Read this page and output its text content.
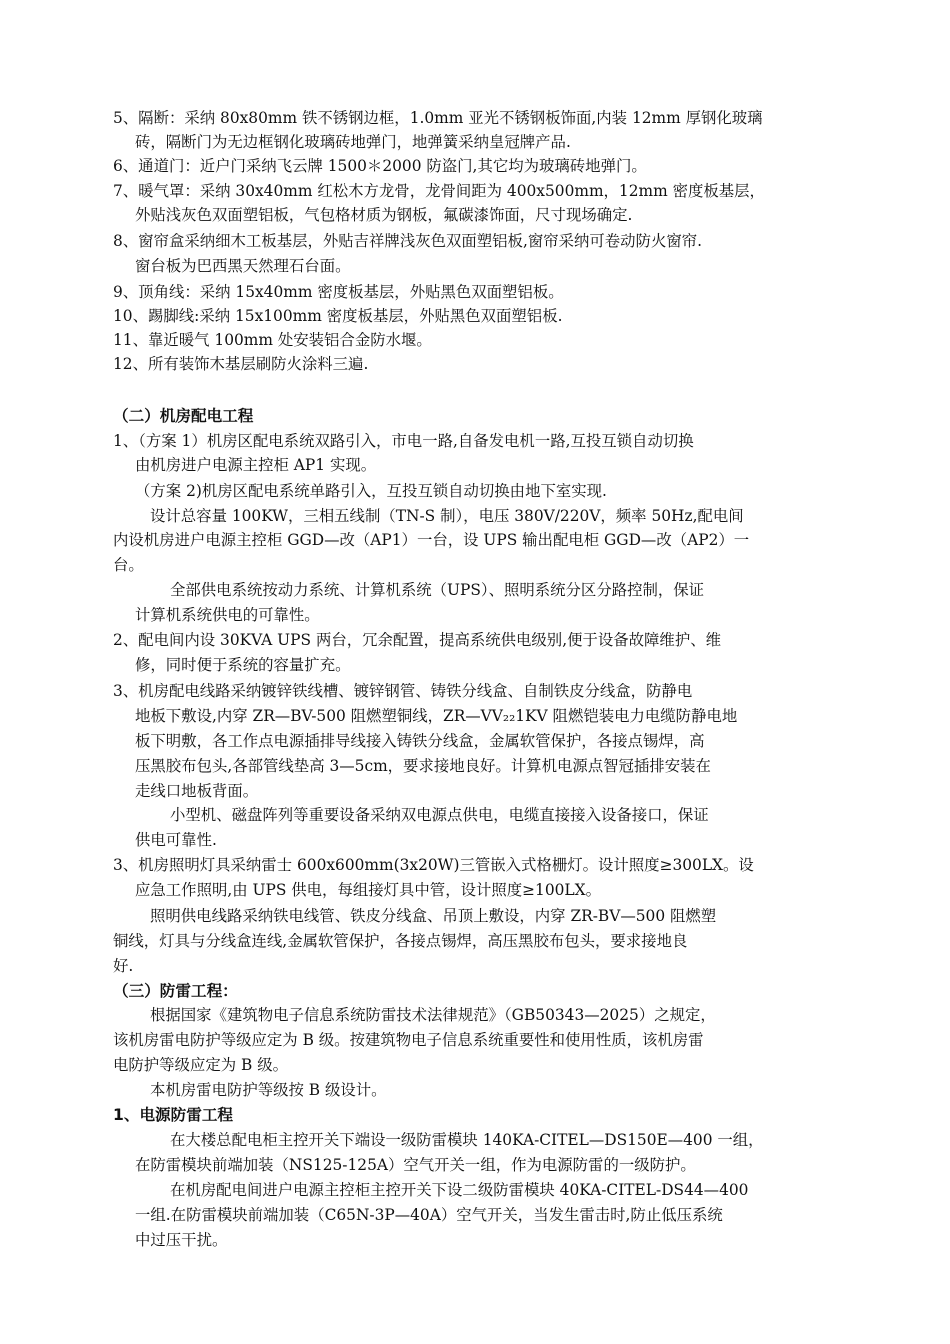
5、隔断：采纳 80x80mm 铁不锈钢边框，1.0mm 亚光不锈钢板饰面,内装 12mm 厚钢化玻璃
砖，隔断门为无边框钢化玻璃砖地弹门，地弹簧采纳皇冠牌产品.
6、通道门：近户门采纳飞云牌 1500＊2000 防盗门,其它均为玻璃砖地弹门。
7、暖气罩：采纳 30x40mm 红松木方龙骨，龙骨间距为 400x500mm，12mm 密度板基层，
外贴浅灰色双面塑铝板，气包格材质为钢板，氟碳漆饰面，尺寸现场确定.
8、窗帘盒采纳细木工板基层，外贴吉祥牌浅灰色双面塑铝板,窗帘采纳可卷动防火窗帘.
窗台板为巴西黑天然理石台面。
9、顶角线：采纳 15x40mm 密度板基层，外贴黑色双面塑铝板。
10、踢脚线:采纳 15x100mm 密度板基层，外贴黑色双面塑铝板.
11、靠近暖气 100mm 处安装铝合金防水堰。
12、所有装饰木基层刷防火涂料三遍.
（二）机房配电工程
1、（方案 1）机房区配电系统双路引入，市电一路,自备发电机一路,互投互锁自动切换
由机房进户电源主控柜 AP1 实现。
（方案 2)机房区配电系统单路引入，互投互锁自动切换由地下室实现.
设计总容量 100KW，三相五线制（TN-S 制），电压 380V/220V，频率 50Hz,配电间
内设机房进户电源主控柜 GGD—改（AP1）一台，设 UPS 输出配电柜 GGD—改（AP2）一
台。
全部供电系统按动力系统、计算机系统（UPS）、照明系统分区分路控制，保证
计算机系统供电的可靠性。
2、配电间内设 30KVA UPS 两台，冗余配置，提高系统供电级别,便于设备故障维护、维
修，同时便于系统的容量扩充。
3、机房配电线路采纳镀锌铁线槽、镀锌钢管、铸铁分线盒、自制铁皮分线盒，防静电
地板下敷设,内穿 ZR—BV-500 阻燃塑铜线，ZR—VV₂₂1KV 阻燃铠装电力电缆防静电地
板下明敷，各工作点电源插排导线接入铸铁分线盒，金属软管保护，各接点锡焊，高
压黑胶布包头,各部管线垫高 3—5cm，要求接地良好。计算机电源点智冠插排安装在
走线口地板背面。
小型机、磁盘阵列等重要设备采纳双电源点供电，电缆直接接入设备接口，保证
供电可靠性.
3、机房照明灯具采纳雷士 600x600mm(3x20W)三管嵌入式格栅灯。设计照度≥300LX。设
应急工作照明,由 UPS 供电，每组接灯具中管，设计照度≥100LX。
照明供电线路采纳铁电线管、铁皮分线盒、吊顶上敷设，内穿 ZR-BV—500 阻燃塑
铜线，灯具与分线盒连线,金属软管保护，各接点锡焊，高压黑胶布包头，要求接地良
好.
（三）防雷工程：
根据国家《建筑物电子信息系统防雷技术法律规范》（GB50343—2025）之规定，
该机房雷电防护等级应定为 B 级。按建筑物电子信息系统重要性和使用性质，该机房雷
电防护等级应定为 B 级。
本机房雷电防护等级按 B 级设计。
1、电源防雷工程
在大楼总配电柜主控开关下端设一级防雷模块 140KA-CITEL—DS150E—400 一组，
在防雷模块前端加装（NS125-125A）空气开关一组，作为电源防雷的一级防护。
在机房配电间进户电源主控柜主控开关下设二级防雷模块 40KA-CITEL-DS44—400
一组.在防雷模块前端加装（C65N-3P—40A）空气开关，当发生雷击时,防止低压系统
中过压干扰。
